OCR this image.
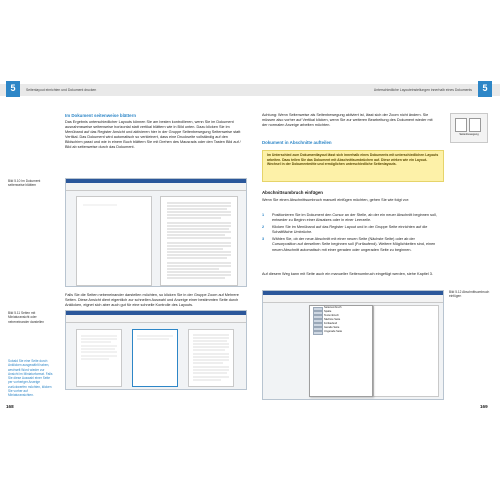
5	Seitenlayout einrichten und Dokument drucken	Unterschiedliche Layouteinstellungen innerhalb eines Dokuments	5
Im Dokument seitenweise blättern
Das Ergebnis unterschiedlicher Layouts können Sie am besten kontrollieren, wenn Sie im Dokument ausnahmsweise seitenweise horizontal statt vertikal blättern wie in Bild unten. Dazu klicken Sie im Menüband auf das Register Ansicht und aktivieren hier in der Gruppe Seitenbewegung Seitenweise statt Vertikal. Das Dokument wird automatisch so verkleinert, dass eine Druckseite vollständig auf den Bildschirm passt und wie in einem Buch blättern Sie mit Drehen des Mausrads oder den Tasten Bild auf / Bild ab seitenweise durch das Dokument.
Bild 5.10 Im Dokument seitenweise blättern
Falls Sie die Seiten nebeneinander darstellen möchten, so klicken Sie in der Gruppe Zoom auf Mehrere Seiten. Diese Ansicht dient eigentlich zur schnellen Auswahl und Anzeige einer bestimmten Seite durch Anklicken, eignet sich aber auch gut für eine schnelle Kontrolle des Layouts.
Bild 5.11 Seiten mit Miniaturansicht oder nebeneinander darstellen
Sobald Sie eine Seite durch Anklicken ausgewählt haben, wechselt Word wieder zur Ansicht im Miniaturformat. Falls Sie diese Auswahl einer Seite per vorheriger Anzeige zurückwerfen möchten, klicken Sie vorher auf Miniaturansichten.
168
Achtung: Wenn Seitenweise als Seitenbewegung aktiviert ist, lässt sich der Zoom nicht ändern. Sie müssen also vorher auf Vertikal klicken, wenn Sie zur weiteren Bearbeitung des Dokument wieder mit der normalen Anzeige arbeiten möchten.
Seitenbewegung
Dokument in Abschnitte aufteilen
Im Unterschied zum Dokumentlayout lässt sich innerhalb eines Dokuments mit unterschiedlichen Layouts arbeiten. Dazu teilen Sie das Dokument mit Abschnittsumbrüchen auf. Diese wirken wie ein Layout-Wechsel in der Dokumentmitte und ermöglichen unterschiedliche Seitenlayouts.
Abschnittsumbruch einfügen
Wenn Sie einen Abschnittsumbruch manuell einfügen möchten, gehen Sie wie folgt vor:
1	Positionieren Sie im Dokument den Cursor an der Stelle, ab der ein neuer Abschnitt beginnen soll, entweder zu Beginn einer Absatzes oder in einer Leerzeile.
2	Klicken Sie im Menüband auf das Register Layout und in der Gruppe Seite einrichten auf die Schaltfläche Umbrüche.
3	Wählen Sie, ob der neue Abschnitt mit einer neuen Seite (Nächste Seite) oder ab der Cursorposition auf derselben Seite beginnen soll (Fortlaufend). Weitere Möglichkeiten sind, einen neuen Abschnitt automatisch mit einer geraden oder ungeraden Seite zu beginnen.
Auf diesem Weg kann mit Seite auch ein manueller Seitenumbruch eingefügt werden, siehe Kapitel 3.
Bild 5.12 Abschnittsumbruch einfügen
Seitenumbruch
Spalte
Textumbruch
Nächste Seite
Fortlaufend
Gerade Seite
Ungerade Seite
169
